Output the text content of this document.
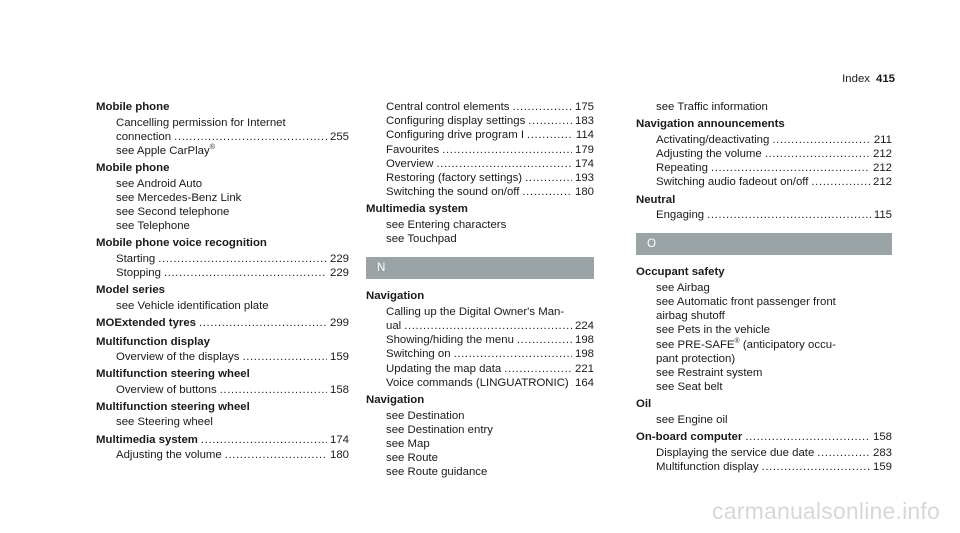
Index 415
Mobile phone
Cancelling permission for Internet
connection .....	255
see Apple CarPlay®
Mobile phone
see Android Auto
see Mercedes-Benz Link
see Second telephone
see Telephone
Mobile phone voice recognition
Starting .....	229
Stopping .....	229
Model series
see Vehicle identification plate
MOExtended tyres .....	299
Multifunction display
Overview of the displays .....	159
Multifunction steering wheel
Overview of buttons .....	158
Multifunction steering wheel
see Steering wheel
Multimedia system .....	174
Adjusting the volume .....	180
Central control elements .....	175
Configuring display settings .....	183
Configuring drive program I .....	114
Favourites .....	179
Overview .....	174
Restoring (factory settings) .....	193
Switching the sound on/off .....	180
Multimedia system
see Entering characters
see Touchpad
N
Navigation
Calling up the Digital Owner's Man-
ual .....	224
Showing/hiding the menu .....	198
Switching on .....	198
Updating the map data .....	221
Voice commands (LINGUATRONIC) ..... 164
Navigation
see Destination
see Destination entry
see Map
see Route
see Route guidance
see Traffic information
Navigation announcements
Activating/deactivating .....	211
Adjusting the volume .....	212
Repeating .....	212
Switching audio fadeout on/off .....	212
Neutral
Engaging .....	115
O
Occupant safety
see Airbag
see Automatic front passenger front
airbag shutoff
see Pets in the vehicle
see PRE-SAFE® (anticipatory occu-
pant protection)
see Restraint system
see Seat belt
Oil
see Engine oil
On-board computer .....	158
Displaying the service due date .....	283
Multifunction display .....	159
carmanualsonline.info
